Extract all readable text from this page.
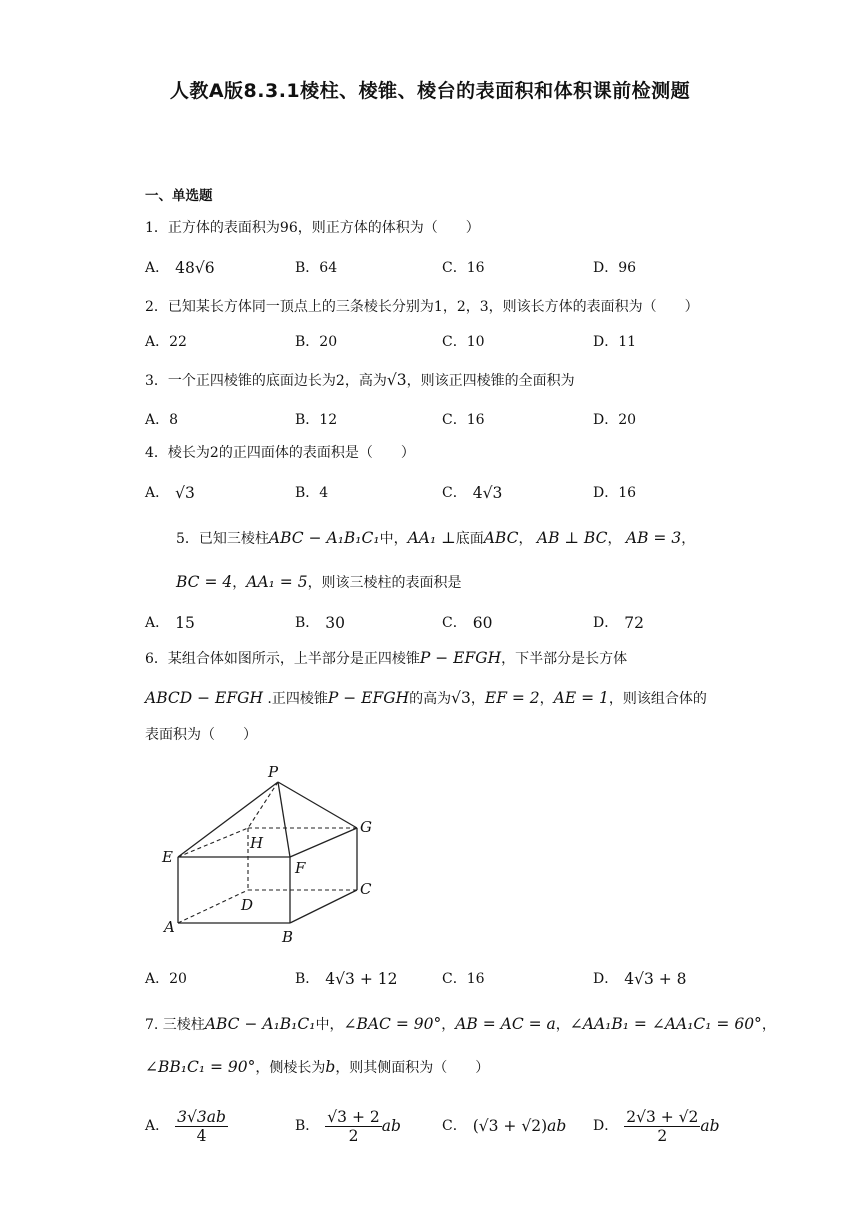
人教A版8.3.1棱柱、棱锥、棱台的表面积和体积课前检测题
一、单选题
1．正方体的表面积为96，则正方体的体积为（　　）
A． 48√6	B．64	C．16	D．96
2．已知某长方体同一顶点上的三条棱长分别为1，2，3，则该长方体的表面积为（　　）
A．22	B．20	C．10	D．11
3．一个正四棱锥的底面边长为2，高为√3，则该正四棱锥的全面积为
A．8	B．12	C．16	D．20
4．棱长为2的正四面体的表面积是（　　）
A． √3	B．4	C． 4√3	D．16
5．已知三棱柱ABC − A₁B₁C₁中，AA₁ ⊥底面ABC， AB ⊥ BC， AB = 3，
BC = 4，AA₁ = 5，则该三棱柱的表面积是
A． 15	B． 30	C． 60	D． 72
6．某组合体如图所示，上半部分是正四棱锥P − EFGH，下半部分是长方体
ABCD − EFGH .正四棱锥P − EFGH的高为√3，EF = 2，AE = 1，则该组合体的
表面积为（　　）
P
E
H
F
G
D
C
A
B
A．20	B． 4√3 + 12	C．16	D． 4√3 + 8
7. 三棱柱ABC − A₁B₁C₁中，∠BAC = 90°，AB = AC = a，∠AA₁B₁ = ∠AA₁C₁ = 60°，
∠BB₁C₁ = 90°，侧棱长为b，则其侧面积为（　　）
A． $\frac{3√3ab}{4}$	B． $\frac{√3 + 2}{2}$ ab	C． (√3 + √2) ab D． $\frac{2√3 + √2}{2}$ ab
